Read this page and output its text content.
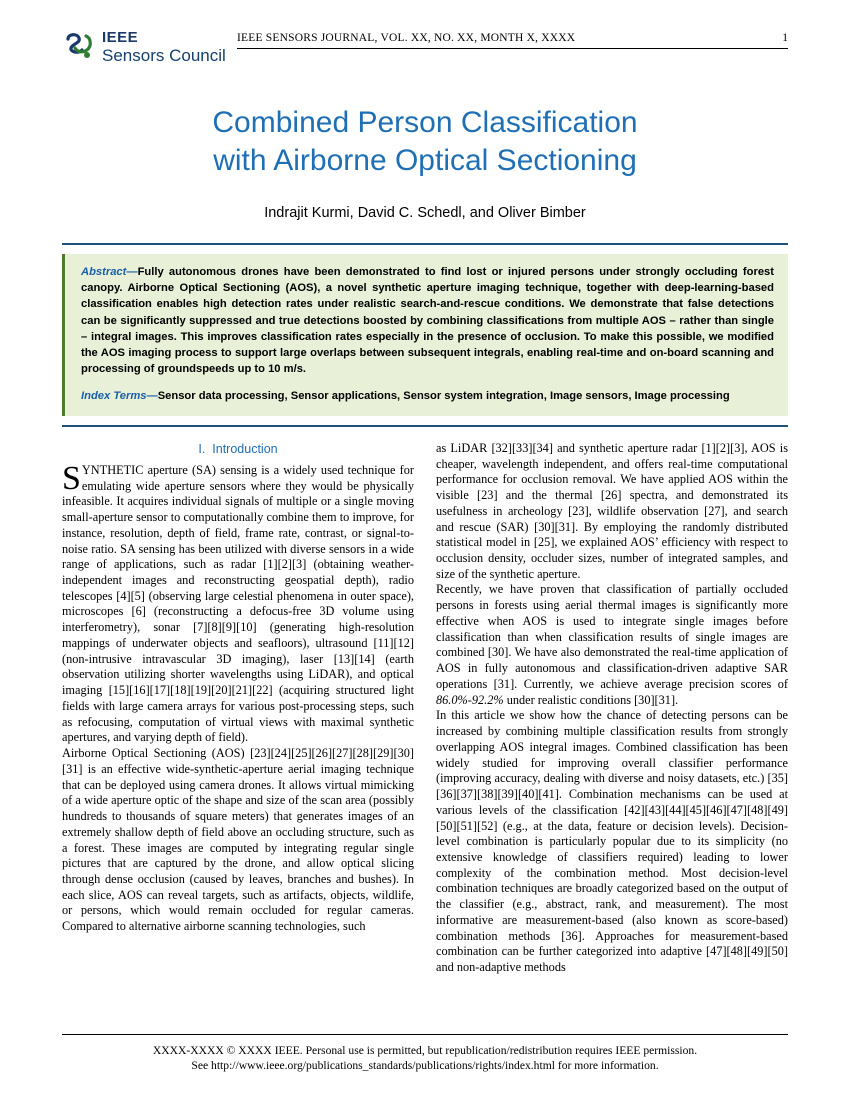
IEEE
Sensors Council
IEEE SENSORS JOURNAL, VOL. XX, NO. XX, MONTH X, XXXX	1
Combined Person Classification
with Airborne Optical Sectioning
Indrajit Kurmi, David C. Schedl, and Oliver Bimber

Abstract—Fully autonomous drones have been demonstrated to find lost or injured persons under strongly occluding forest canopy. Airborne Optical Sectioning (AOS), a novel synthetic aperture imaging technique, together with deep-learning-based classification enables high detection rates under realistic search-and-rescue conditions. We demonstrate that false detections can be significantly suppressed and true detections boosted by combining classifications from multiple AOS – rather than single – integral images. This improves classification rates especially in the presence of occlusion. To make this possible, we modified the AOS imaging process to support large overlaps between subsequent integrals, enabling real-time and on-board scanning and processing of groundspeeds up to 10 m/s.

Index Terms—Sensor data processing, Sensor applications, Sensor system integration, Image sensors, Image processing

I. Introduction

SYNTHETIC aperture (SA) sensing is a widely used technique for emulating wide aperture sensors where they would be physically infeasible. It acquires individual signals of multiple or a single moving small-aperture sensor to computationally combine them to improve, for instance, resolution, depth of field, frame rate, contrast, or signal-to-noise ratio. SA sensing has been utilized with diverse sensors in a wide range of applications, such as radar [1][2][3] (obtaining weather-independent images and reconstructing geospatial depth), radio telescopes [4][5] (observing large celestial phenomena in outer space), microscopes [6] (reconstructing a defocus-free 3D volume using interferometry), sonar [7][8][9][10] (generating high-resolution mappings of underwater objects and seafloors), ultrasound [11][12] (non-intrusive intravascular 3D imaging), laser [13][14] (earth observation utilizing shorter wavelengths using LiDAR), and optical imaging [15][16][17][18][19][20][21][22] (acquiring structured light fields with large camera arrays for various post-processing steps, such as refocusing, computation of virtual views with maximal synthetic apertures, and varying depth of field).

Airborne Optical Sectioning (AOS) [23][24][25][26][27][28][29][30][31] is an effective wide-synthetic-aperture aerial imaging technique that can be deployed using camera drones. It allows virtual mimicking of a wide aperture optic of the shape and size of the scan area (possibly hundreds to thousands of square meters) that generates images of an extremely shallow depth of field above an occluding structure, such as a forest. These images are computed by integrating regular single pictures that are captured by the drone, and allow optical slicing through dense occlusion (caused by leaves, branches and bushes). In each slice, AOS can reveal targets, such as artifacts, objects, wildlife, or persons, which would remain occluded for regular cameras. Compared to alternative airborne scanning technologies, such

as LiDAR [32][33][34] and synthetic aperture radar [1][2][3], AOS is cheaper, wavelength independent, and offers real-time computational performance for occlusion removal. We have applied AOS within the visible [23] and the thermal [26] spectra, and demonstrated its usefulness in archeology [23], wildlife observation [27], and search and rescue (SAR) [30][31]. By employing the randomly distributed statistical model in [25], we explained AOS’ efficiency with respect to occlusion density, occluder sizes, number of integrated samples, and size of the synthetic aperture.

Recently, we have proven that classification of partially occluded persons in forests using aerial thermal images is significantly more effective when AOS is used to integrate single images before classification than when classification results of single images are combined [30]. We have also demonstrated the real-time application of AOS in fully autonomous and classification-driven adaptive SAR operations [31]. Currently, we achieve average precision scores of 86.0%-92.2% under realistic conditions [30][31].

In this article we show how the chance of detecting persons can be increased by combining multiple classification results from strongly overlapping AOS integral images. Combined classification has been widely studied for improving overall classifier performance (improving accuracy, dealing with diverse and noisy datasets, etc.) [35][36][37][38][39][40][41]. Combination mechanisms can be used at various levels of the classification [42][43][44][45][46][47][48][49][50][51][52] (e.g., at the data, feature or decision levels). Decision-level combination is particularly popular due to its simplicity (no extensive knowledge of classifiers required) leading to lower complexity of the combination method. Most decision-level combination techniques are broadly categorized based on the output of the classifier (e.g., abstract, rank, and measurement). The most informative are measurement-based (also known as score-based) combination methods [36]. Approaches for measurement-based combination can be further categorized into adaptive [47][48][49][50] and non-adaptive methods

XXXX-XXXX © XXXX IEEE. Personal use is permitted, but republication/redistribution requires IEEE permission.

See http://www.ieee.org/publications_standards/publications/rights/index.html for more information.
